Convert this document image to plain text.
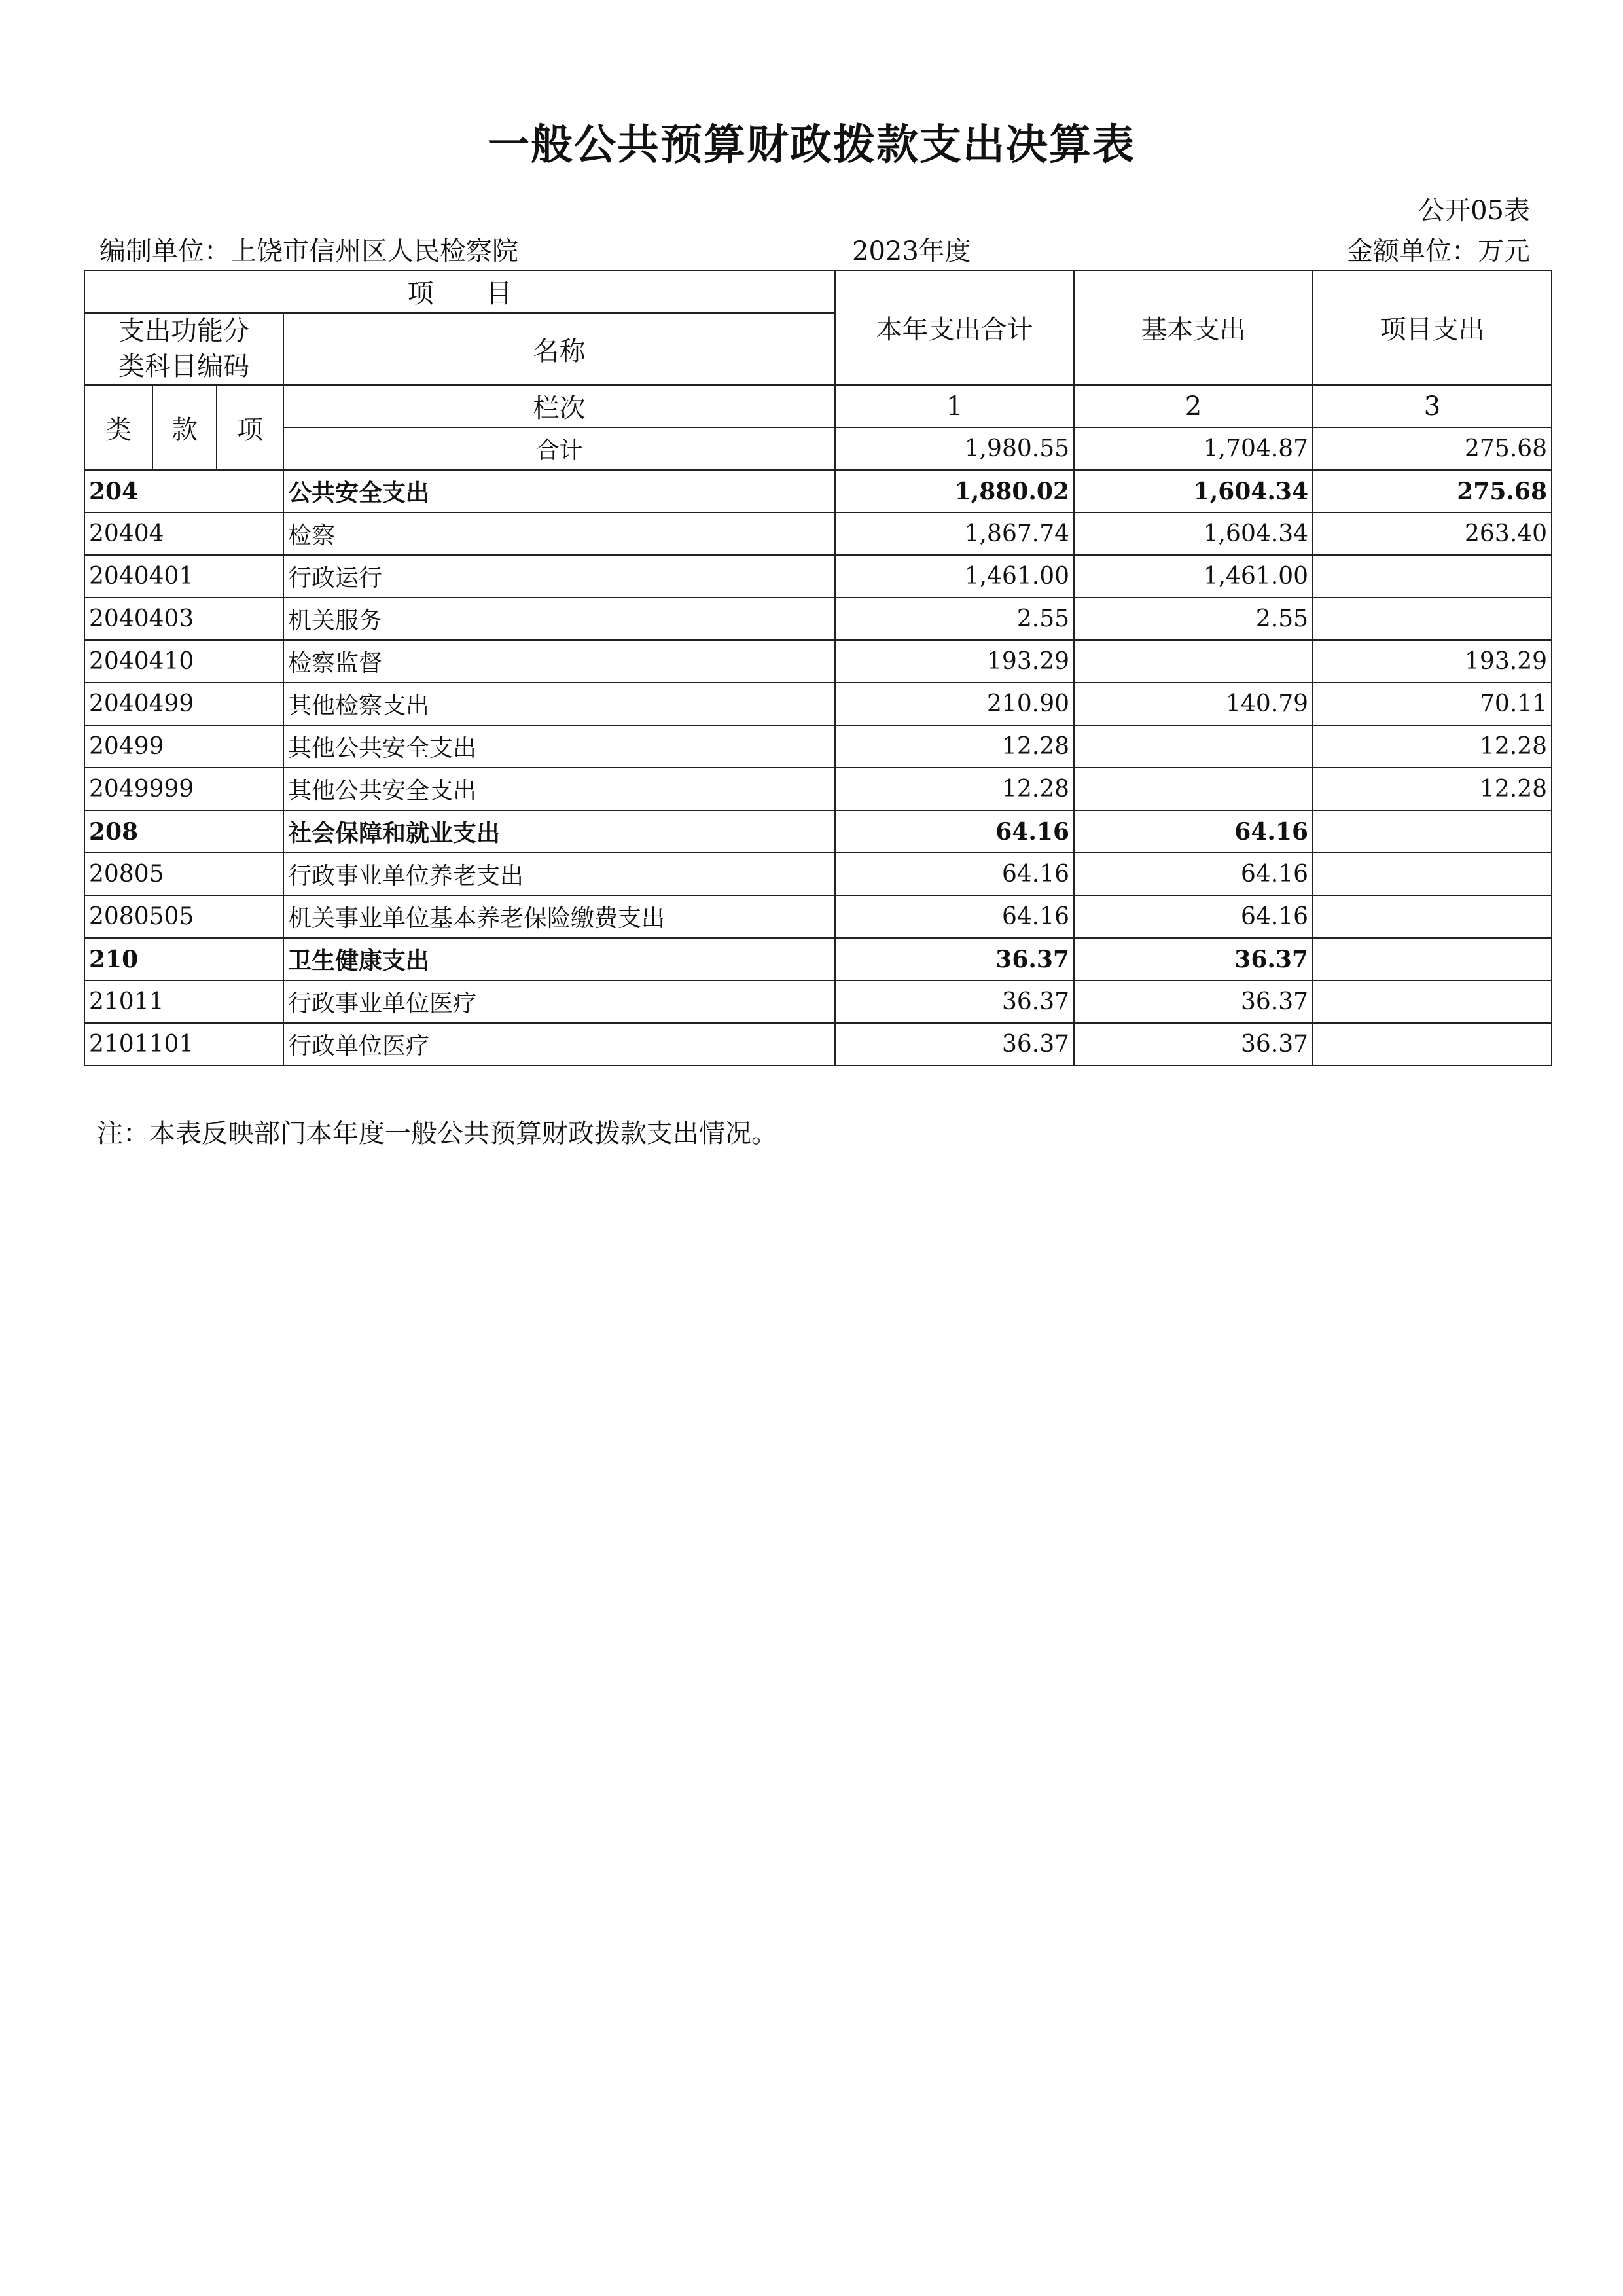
一般公共预算财政拨款支出决算表
公开05表
编制单位：上饶市信州区人民检察院	2023年度	金额单位：万元
项　　目				本年支出合计	基本支出	项目支出

支出功能分
类科目编码			名称			

类	款	项	栏次	1	2	3
			合计	1,980.55	1,704.87	275.68
204			公共安全支出	1,880.02	1,604.34	275.68
20404			检察	1,867.74	1,604.34	263.40
2040401			行政运行	1,461.00	1,461.00	
2040403			机关服务	2.55	2.55	
2040410			检察监督	193.29		193.29
2040499			其他检察支出	210.90	140.79	70.11
20499			其他公共安全支出	12.28		12.28
2049999			其他公共安全支出	12.28		12.28
208			社会保障和就业支出	64.16	64.16	
20805			行政事业单位养老支出	64.16	64.16	
2080505			机关事业单位基本养老保险缴费支出	64.16	64.16	
210			卫生健康支出	36.37	36.37	
21011			行政事业单位医疗	36.37	36.37	
2101101			行政单位医疗	36.37	36.37	
注：本表反映部门本年度一般公共预算财政拨款支出情况。
